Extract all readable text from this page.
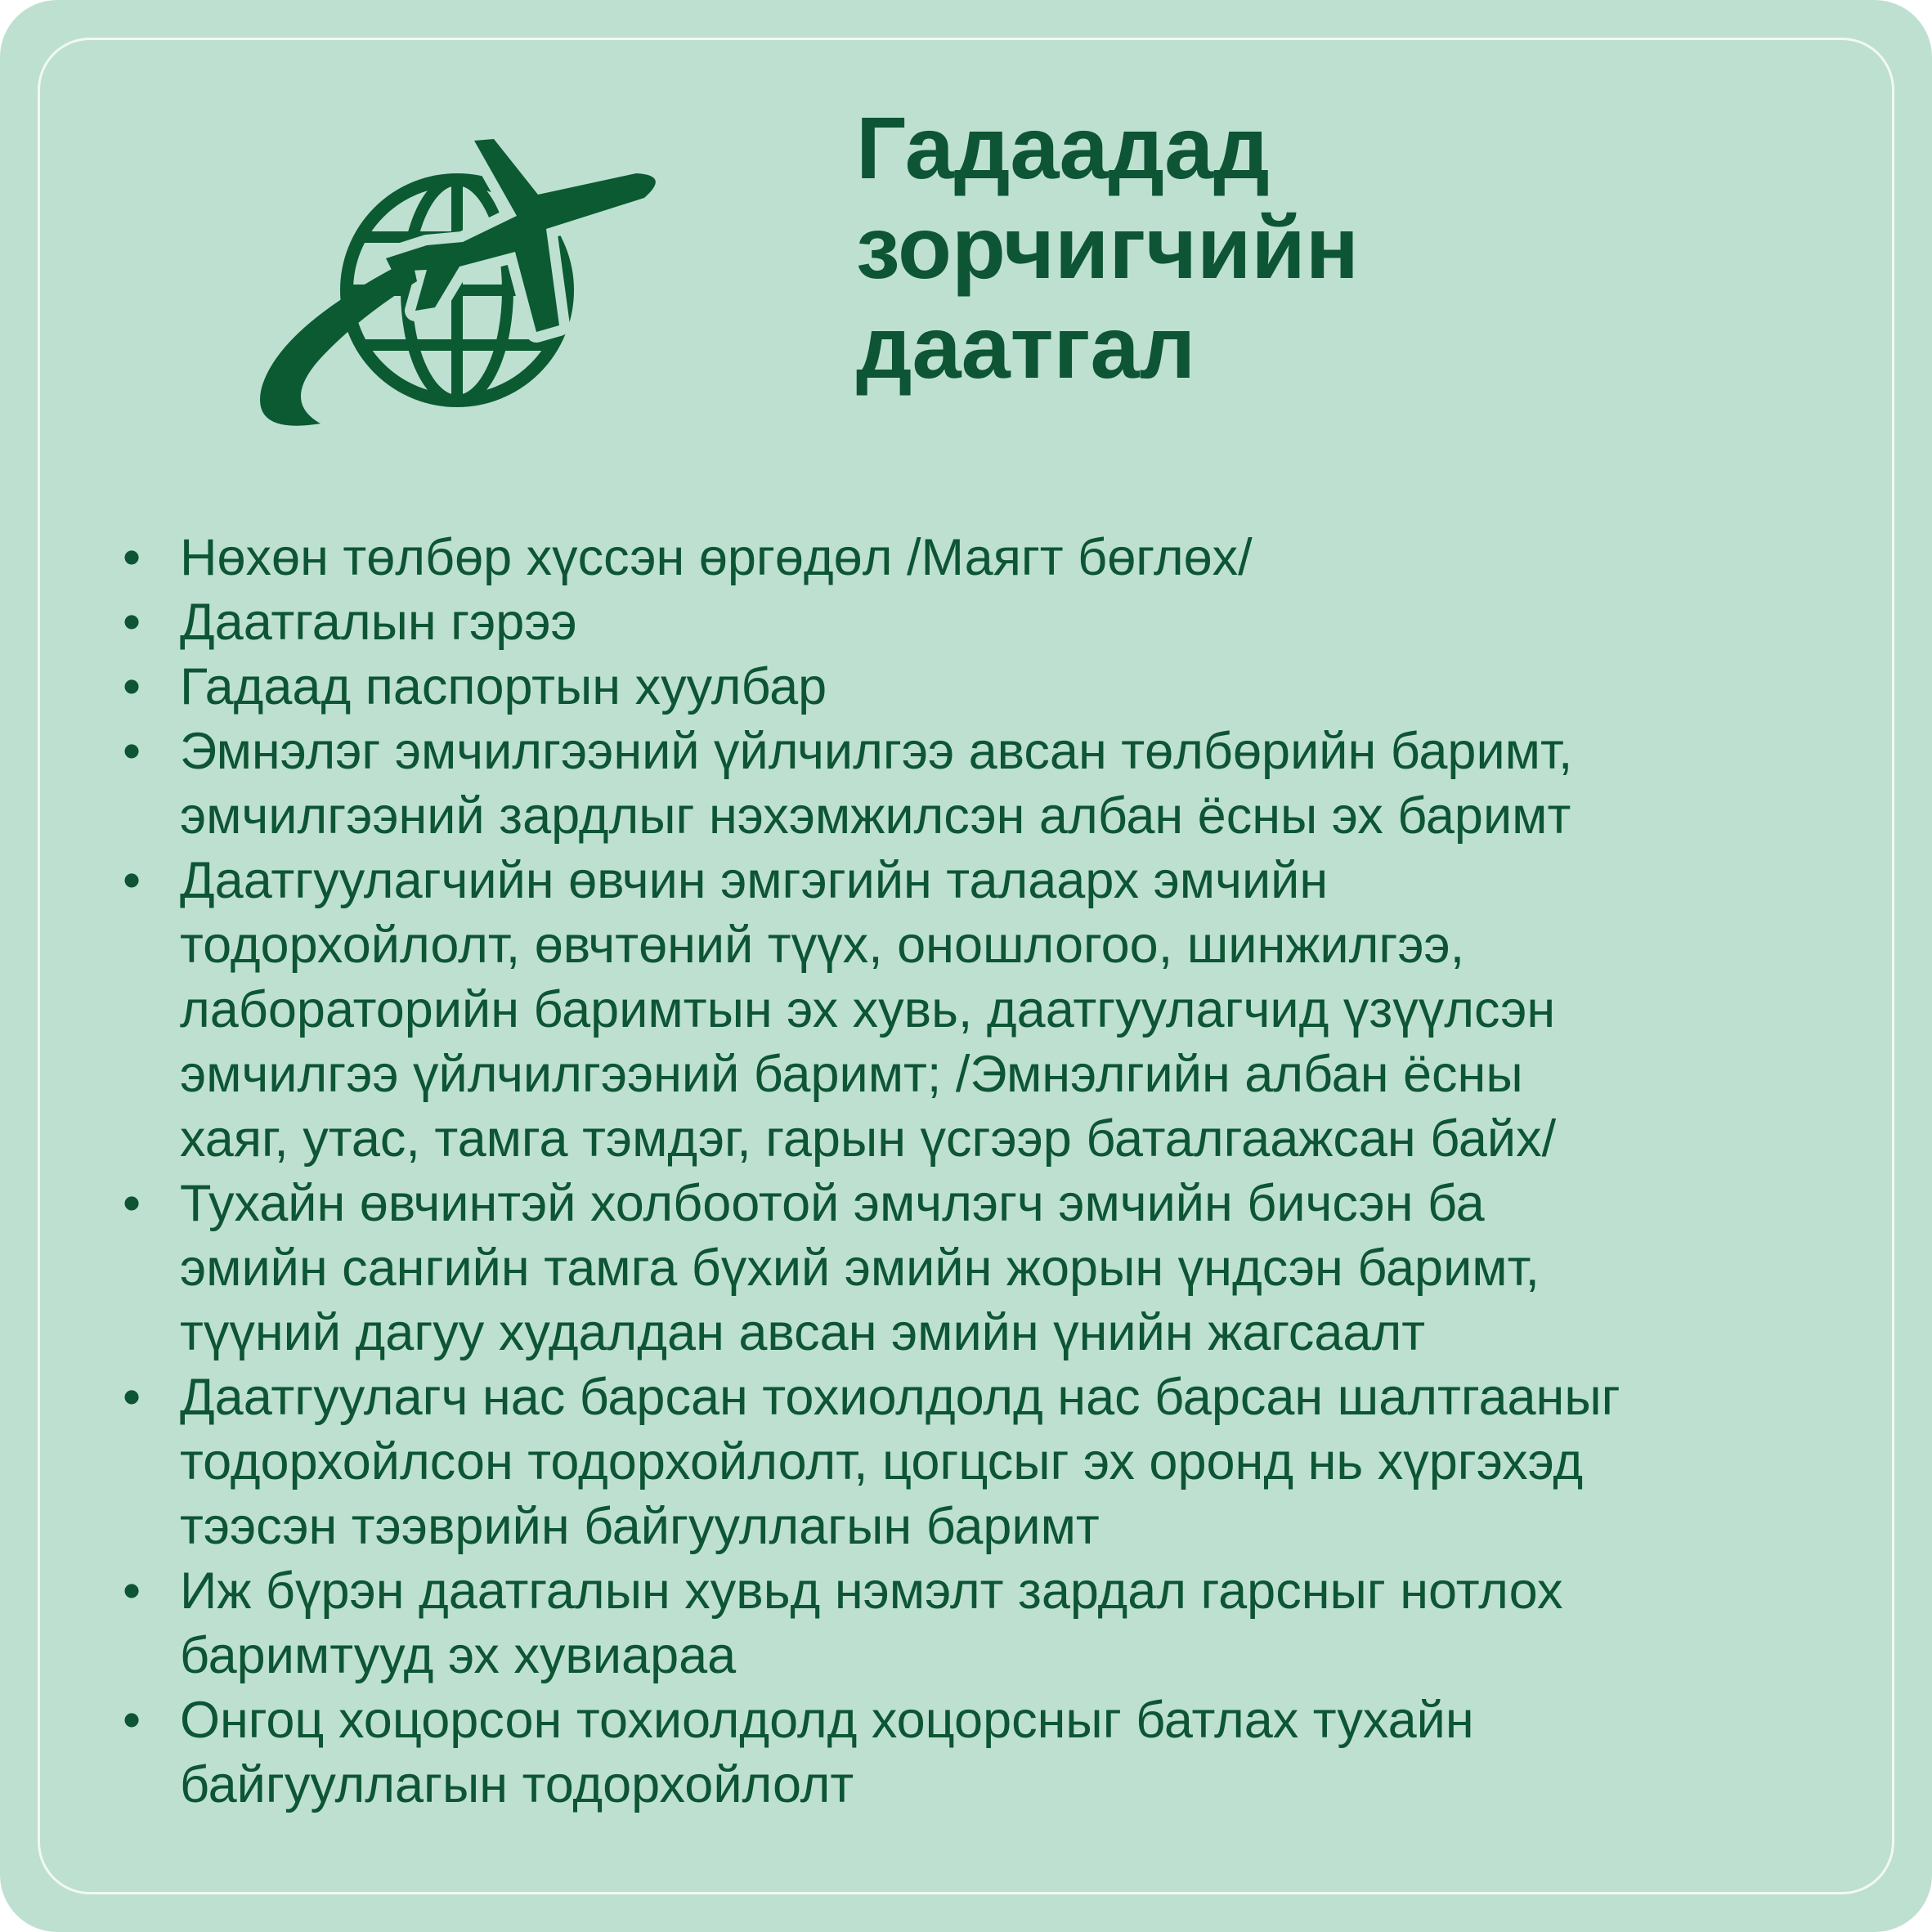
Гадаадад
зорчигчийн
даатгал
• Нөхөн төлбөр хүссэн өргөдөл /Маягт бөглөх/
• Даатгалын гэрээ
• Гадаад паспортын хуулбар
• Эмнэлэг эмчилгээний үйлчилгээ авсан төлбөрийн баримт,
эмчилгээний зардлыг нэхэмжилсэн албан ёсны эх баримт
• Даатгуулагчийн өвчин эмгэгийн талаарх эмчийн
тодорхойлолт, өвчтөний түүх, оношлогоо, шинжилгээ,
лабораторийн баримтын эх хувь, даатгуулагчид үзүүлсэн
эмчилгээ үйлчилгээний баримт; /Эмнэлгийн албан ёсны
хаяг, утас, тамга тэмдэг, гарын үсгээр баталгаажсан байх/
• Тухайн өвчинтэй холбоотой эмчлэгч эмчийн бичсэн ба
эмийн сангийн тамга бүхий эмийн жорын үндсэн баримт,
түүний дагуу худалдан авсан эмийн үнийн жагсаалт
• Даатгуулагч нас барсан тохиолдолд нас барсан шалтгааныг
тодорхойлсон тодорхойлолт, цогцсыг эх оронд нь хүргэхэд
тээсэн тээврийн байгууллагын баримт
• Иж бүрэн даатгалын хувьд нэмэлт зардал гарсныг нотлох
баримтууд эх хувиараа
• Онгоц хоцорсон тохиолдолд хоцорсныг батлах тухайн
байгууллагын тодорхойлолт
